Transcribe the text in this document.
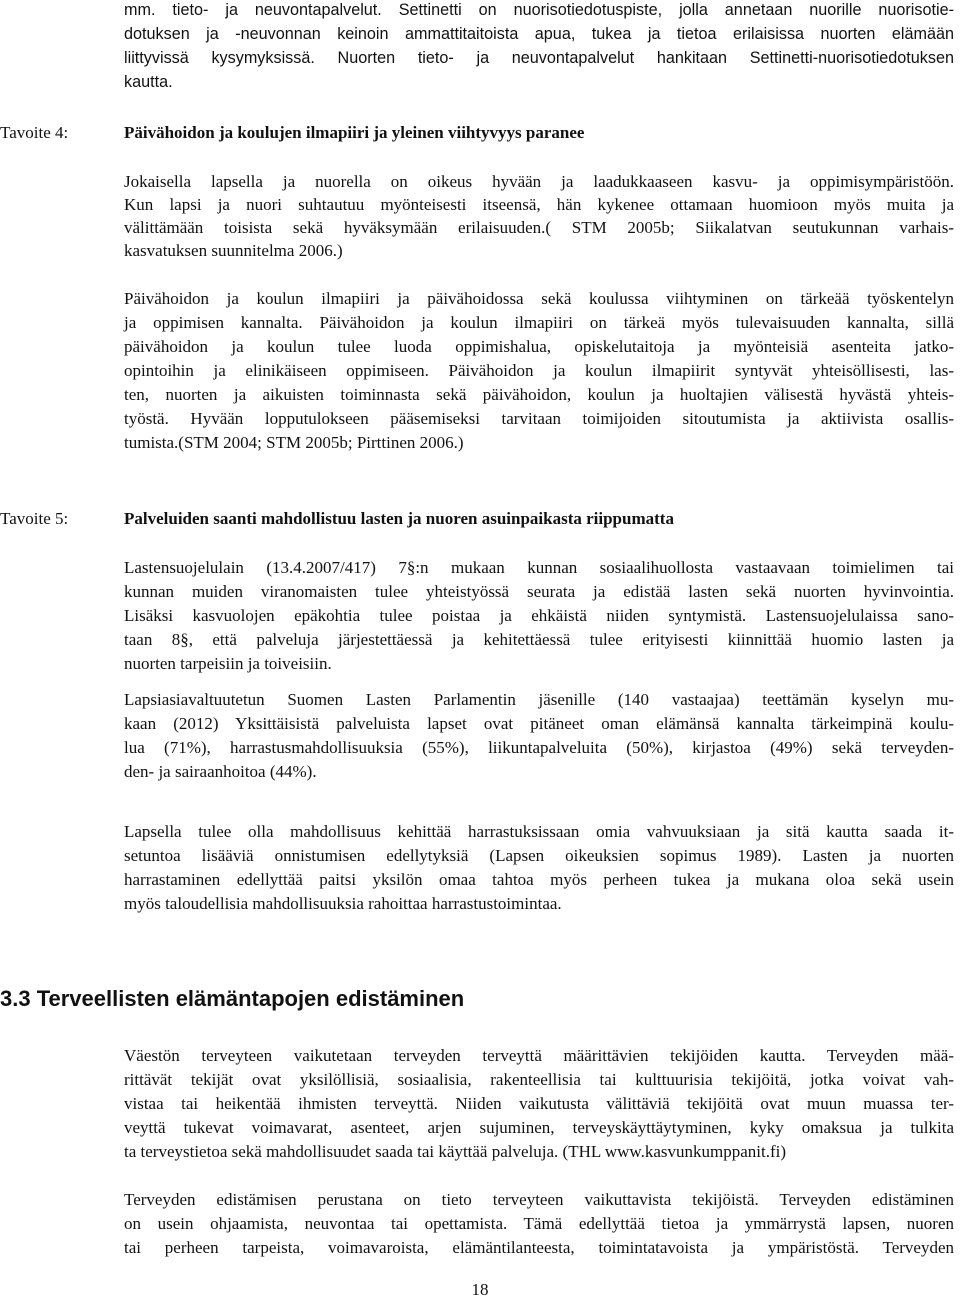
mm. tieto- ja neuvontapalvelut. Settinetti on nuorisotiedotuspiste, jolla annetaan nuorille nuorisotie-
dotuksen ja -neuvonnan keinoin ammattitaitoista apua, tukea ja tietoa erilaisissa nuorten elämään
liittyvissä kysymyksissä. Nuorten tieto- ja neuvontapalvelut hankitaan Settinetti-nuorisotiedotuksen
kautta.
Tavoite 4:	Päivähoidon ja koulujen ilmapiiri ja yleinen viihtyvyys paranee
Jokaisella lapsella ja nuorella on oikeus hyvään ja laadukkaaseen kasvu- ja oppimisympäristöön.
Kun lapsi ja nuori suhtautuu myönteisesti itseensä, hän kykenee ottamaan huomioon myös muita ja
välittämään toisista sekä hyväksymään erilaisuuden.( STM 2005b; Siikalatvan seutukunnan varhais-
kasvatuksen suunnitelma 2006.)
Päivähoidon ja koulun ilmapiiri ja päivähoidossa sekä koulussa viihtyminen on tärkeää työskentelyn
ja oppimisen kannalta. Päivähoidon ja koulun ilmapiiri on tärkeä myös tulevaisuuden kannalta, sillä
päivähoidon ja koulun tulee luoda oppimishalua, opiskelutaitoja ja myönteisiä asenteita jatko-
opintoihin ja elinikäiseen oppimiseen. Päivähoidon ja koulun ilmapiirit syntyvät yhteisöllisesti, las-
ten, nuorten ja aikuisten toiminnasta sekä päivähoidon, koulun ja huoltajien välisestä hyvästä yhteis-
työstä. Hyvään lopputulokseen pääsemiseksi tarvitaan toimijoiden sitoutumista ja aktiivista osallis-
tumista.(STM 2004; STM 2005b; Pirttinen 2006.)
Tavoite 5:	Palveluiden saanti mahdollistuu lasten ja nuoren asuinpaikasta riippumatta
Lastensuojelulain (13.4.2007/417) 7§:n mukaan kunnan sosiaalihuollosta vastaavaan toimielimen tai
kunnan muiden viranomaisten tulee yhteistyössä seurata ja edistää lasten sekä nuorten hyvinvointia.
Lisäksi kasvuolojen epäkohtia tulee poistaa ja ehkäistä niiden syntymistä. Lastensuojelulaissa sano-
taan 8§, että palveluja järjestettäessä ja kehitettäessä tulee erityisesti kiinnittää huomio lasten ja
nuorten tarpeisiin ja toiveisiin.
Lapsiasiavaltuutetun Suomen Lasten Parlamentin jäsenille (140 vastaajaa) teettämän kyselyn mu-
kaan (2012) Yksittäisistä palveluista lapset ovat pitäneet oman elämänsä kannalta tärkeimpinä koulu-
lua (71%), harrastusmahdollisuuksia (55%), liikuntapalveluita (50%), kirjastoa (49%) sekä terveyden-
den- ja sairaanhoitoa (44%).
Lapsella tulee olla mahdollisuus kehittää harrastuksissaan omia vahvuuksiaan ja sitä kautta saada it-
setuntoa lisääviä onnistumisen edellytyksiä (Lapsen oikeuksien sopimus 1989). Lasten ja nuorten
harrastaminen edellyttää paitsi yksilön omaa tahtoa myös perheen tukea ja mukana oloa sekä usein
myös taloudellisia mahdollisuuksia rahoittaa harrastustoimintaa.
3.3 Terveellisten elämäntapojen edistäminen
Väestön terveyteen vaikutetaan terveyden terveyttä määrittävien tekijöiden kautta. Terveyden mää-
rittävät tekijät ovat yksilöllisiä, sosiaalisia, rakenteellisia tai kulttuurisia tekijöitä, jotka voivat vah-
vistaa tai heikentää ihmisten terveyttä. Niiden vaikutusta välittäviä tekijöitä ovat muun muassa ter-
veyttä tukevat voimavarat, asenteet, arjen sujuminen, terveyskäyttäytyminen, kyky omaksua ja tulkita
ta terveystietoa sekä mahdollisuudet saada tai käyttää palveluja. (THL www.kasvunkumppanit.fi)
Terveyden edistämisen perustana on tieto terveyteen vaikuttavista tekijöistä. Terveyden edistäminen
on usein ohjaamista, neuvontaa tai opettamista. Tämä edellyttää tietoa ja ymmärrystä lapsen, nuoren
tai perheen tarpeista, voimavaroista, elämäntilanteesta, toimintatavoista ja ympäristöstä. Terveyden
18
